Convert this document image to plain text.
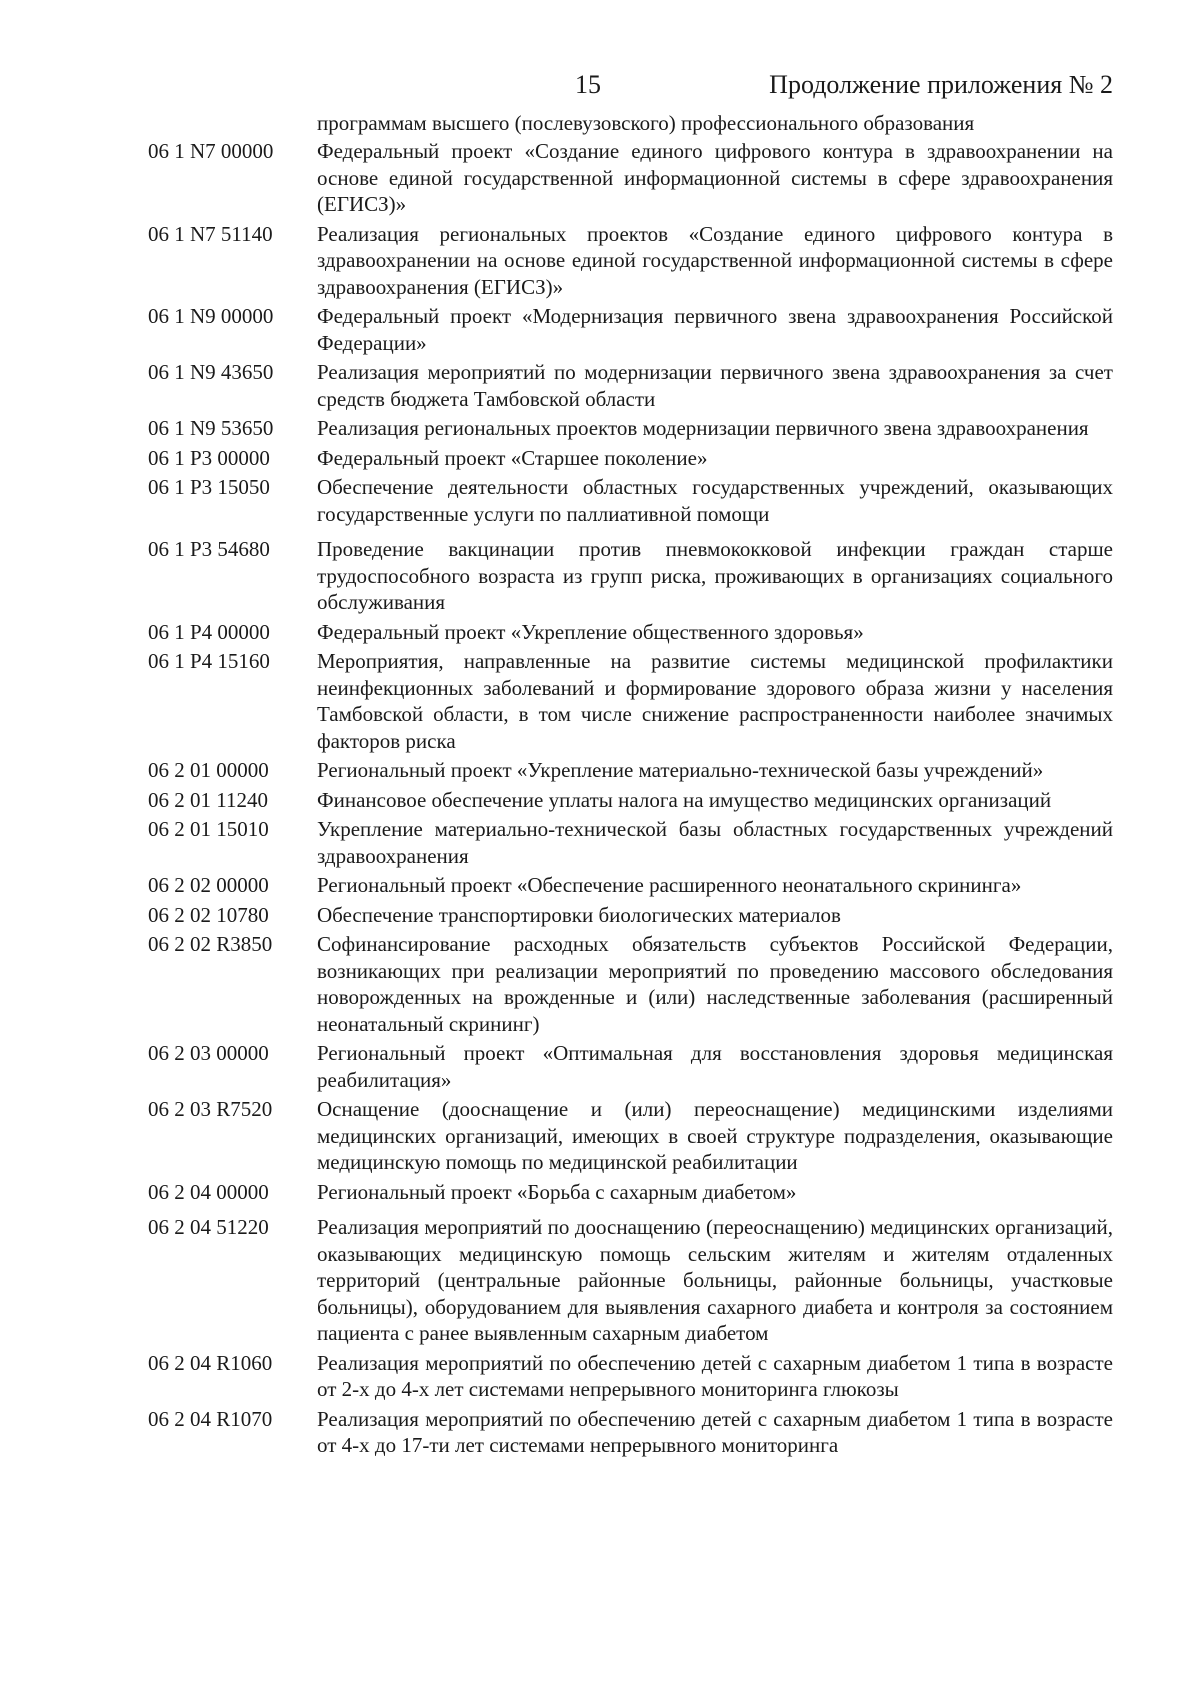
15	Продолжение приложения № 2
программам высшего (послевузовского) профессионального образования
06 1 N7 00000	Федеральный проект «Создание единого цифрового контура в здравоохранении на основе единой государственной информационной системы в сфере здравоохранения (ЕГИСЗ)»
06 1 N7 51140	Реализация региональных проектов «Создание единого цифрового контура в здравоохранении на основе единой государственной информационной системы в сфере здравоохранения (ЕГИСЗ)»
06 1 N9 00000	Федеральный проект «Модернизация первичного звена здравоохранения Российской Федерации»
06 1 N9 43650	Реализация мероприятий по модернизации первичного звена здравоохранения за счет средств бюджета Тамбовской области
06 1 N9 53650	Реализация региональных проектов модернизации первичного звена здравоохранения
06 1 P3 00000	Федеральный проект «Старшее поколение»
06 1 P3 15050	Обеспечение деятельности областных государственных учреждений, оказывающих государственные услуги по паллиативной помощи
06 1 P3 54680	Проведение вакцинации против пневмококковой инфекции граждан старше трудоспособного возраста из групп риска, проживающих в организациях социального обслуживания
06 1 P4 00000	Федеральный проект «Укрепление общественного здоровья»
06 1 P4 15160	Мероприятия, направленные на развитие системы медицинской профилактики неинфекционных заболеваний и формирование здорового образа жизни у населения Тамбовской области, в том числе снижение распространенности наиболее значимых факторов риска
06 2 01 00000	Региональный проект «Укрепление материально-технической базы учреждений»
06 2 01 11240	Финансовое обеспечение уплаты налога на имущество медицинских организаций
06 2 01 15010	Укрепление материально-технической базы областных государственных учреждений здравоохранения
06 2 02 00000	Региональный проект «Обеспечение расширенного неонатального скрининга»
06 2 02 10780	Обеспечение транспортировки биологических материалов
06 2 02 R3850	Софинансирование расходных обязательств субъектов Российской Федерации, возникающих при реализации мероприятий по проведению массового обследования новорожденных на врожденные и (или) наследственные заболевания (расширенный неонатальный скрининг)
06 2 03 00000	Региональный проект «Оптимальная для восстановления здоровья медицинская реабилитация»
06 2 03 R7520	Оснащение (дооснащение и (или) переоснащение) медицинскими изделиями медицинских организаций, имеющих в своей структуре подразделения, оказывающие медицинскую помощь по медицинской реабилитации
06 2 04 00000	Региональный проект «Борьба с сахарным диабетом»
06 2 04 51220	Реализация мероприятий по дооснащению (переоснащению) медицинских организаций, оказывающих медицинскую помощь сельским жителям и жителям отдаленных территорий (центральные районные больницы, районные больницы, участковые больницы), оборудованием для выявления сахарного диабета и контроля за состоянием пациента с ранее выявленным сахарным диабетом
06 2 04 R1060	Реализация мероприятий по обеспечению детей с сахарным диабетом 1 типа в возрасте от 2-х до 4-х лет системами непрерывного мониторинга глюкозы
06 2 04 R1070	Реализация мероприятий по обеспечению детей с сахарным диабетом 1 типа в возрасте от 4-х до 17-ти лет системами непрерывного мониторинга
